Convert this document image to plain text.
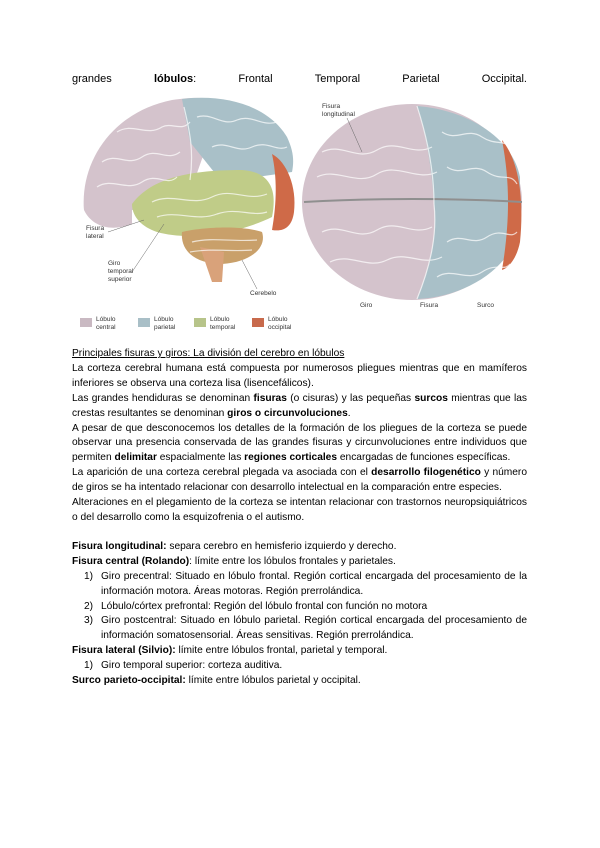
grandes	lóbulos:	Frontal	Temporal	Parietal	Occipital.
Fisura
lateral
Giro
temporal
superior
Cerebelo
Fisura
longitudinal
Giro	Fisura	Surco
Lóbulo
central
Lóbulo
parietal
Lóbulo
temporal
Lóbulo
occipital

Principales fisuras y giros: La división del cerebro en lóbulos

La corteza cerebral humana está compuesta por numerosos pliegues mientras que en mamíferos inferiores se observa una corteza lisa (lisencefálicos).

Las grandes hendiduras se denominan fisuras (o cisuras) y las pequeñas surcos mientras que las crestas resultantes se denominan giros o circunvoluciones.

A pesar de que desconocemos los detalles de la formación de los pliegues de la corteza se puede observar una presencia conservada de las grandes fisuras y circunvoluciones entre individuos que permiten delimitar espacialmente las regiones corticales encargadas de funciones específicas.

La aparición de una corteza cerebral plegada va asociada con el desarrollo filogenético y número de giros se ha intentado relacionar con desarrollo intelectual en la comparación entre especies.

Alteraciones en el plegamiento de la corteza se intentan relacionar con trastornos neuropsiquiátricos o del desarrollo como la esquizofrenia o el autismo.

Fisura longitudinal: separa cerebro en hemisferio izquierdo y derecho.

Fisura central (Rolando): límite entre los lóbulos frontales y parietales.

1) Giro precentral: Situado en lóbulo frontal. Región cortical encargada del procesamiento de la información motora. Áreas motoras. Región prerrolándica.
2) Lóbulo/córtex prefrontal: Región del lóbulo frontal con función no motora
3) Giro postcentral: Situado en lóbulo parietal. Región cortical encargada del procesamiento de información somatosensorial. Áreas sensitivas. Región prerrolándica.

Fisura lateral (Silvio): límite entre lóbulos frontal, parietal y temporal.

1) Giro temporal superior: corteza auditiva.

Surco parieto-occipital: límite entre lóbulos parietal y occipital.
